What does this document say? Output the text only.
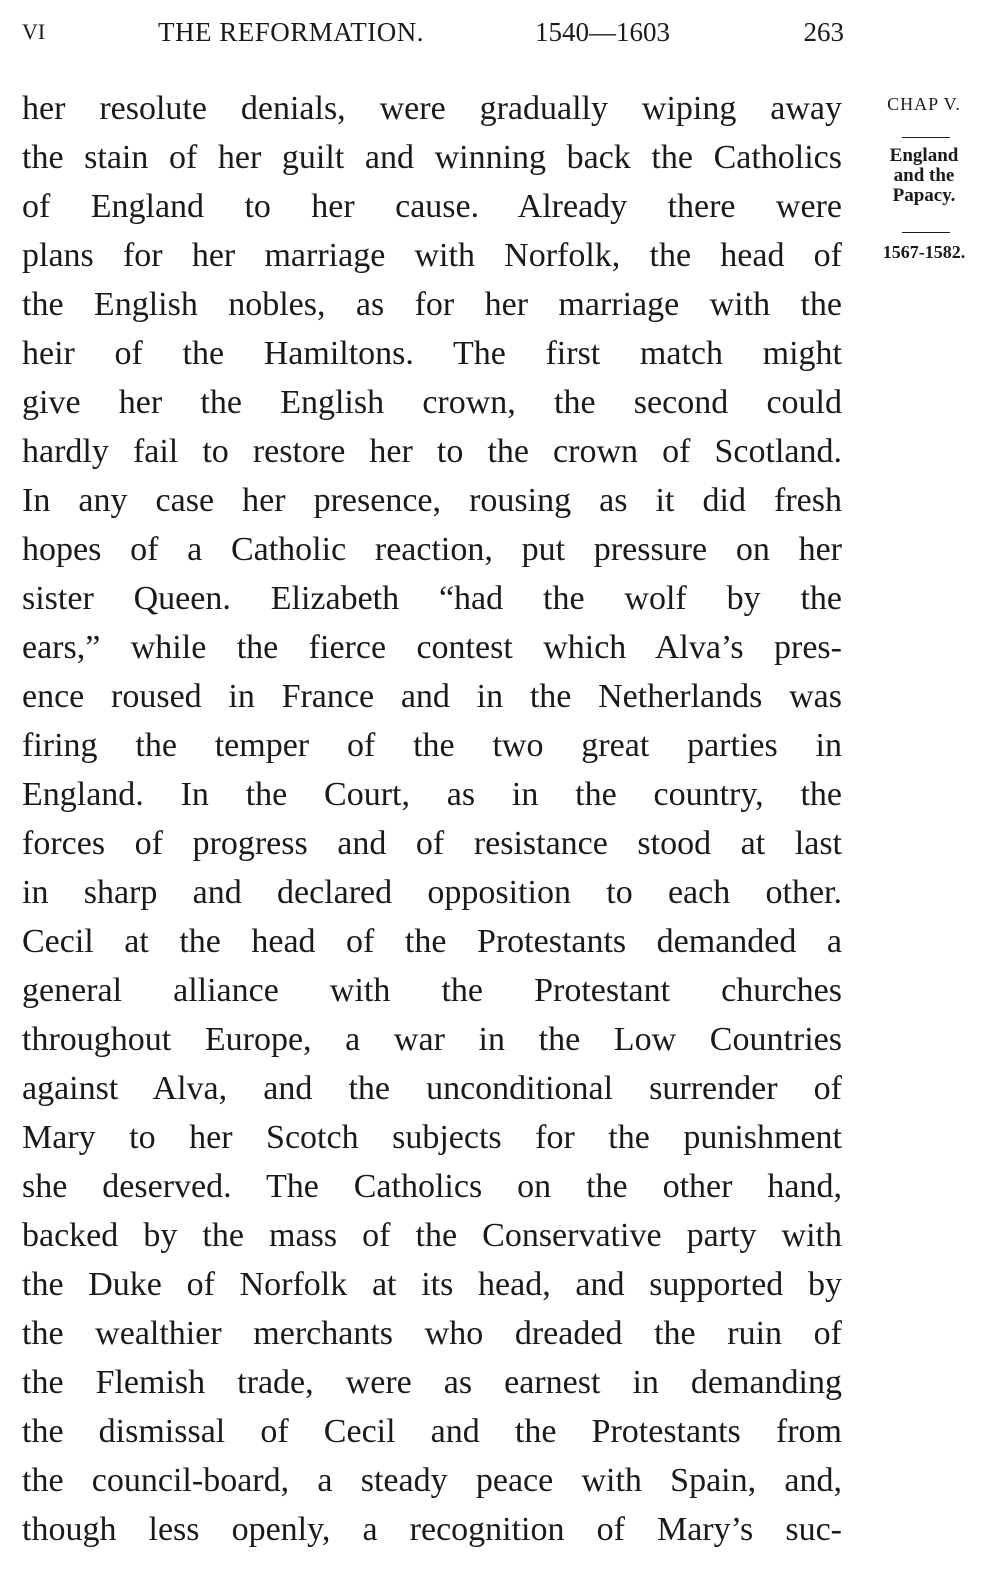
VI	THE REFORMATION.	1540—1603	263
her resolute denials, were gradually wiping away
the stain of her guilt and winning back the Catholics
of England to her cause. Already there were
plans for her marriage with Norfolk, the head of
the English nobles, as for her marriage with the
heir of the Hamiltons. The first match might
give her the English crown, the second could
hardly fail to restore her to the crown of Scotland.
In any case her presence, rousing as it did fresh
hopes of a Catholic reaction, put pressure on her
sister Queen. Elizabeth “had the wolf by the
ears,” while the fierce contest which Alva’s pres-
ence roused in France and in the Netherlands was
firing the temper of the two great parties in
England. In the Court, as in the country, the
forces of progress and of resistance stood at last
in sharp and declared opposition to each other.
Cecil at the head of the Protestants demanded a
general alliance with the Protestant churches
throughout Europe, a war in the Low Countries
against Alva, and the unconditional surrender of
Mary to her Scotch subjects for the punishment
she deserved. The Catholics on the other hand,
backed by the mass of the Conservative party with
the Duke of Norfolk at its head, and supported by
the wealthier merchants who dreaded the ruin of
the Flemish trade, were as earnest in demanding
the dismissal of Cecil and the Protestants from
the council-board, a steady peace with Spain, and,
though less openly, a recognition of Mary’s suc-
CHAP V.
England
and the
Papacy.
1567-1582.
